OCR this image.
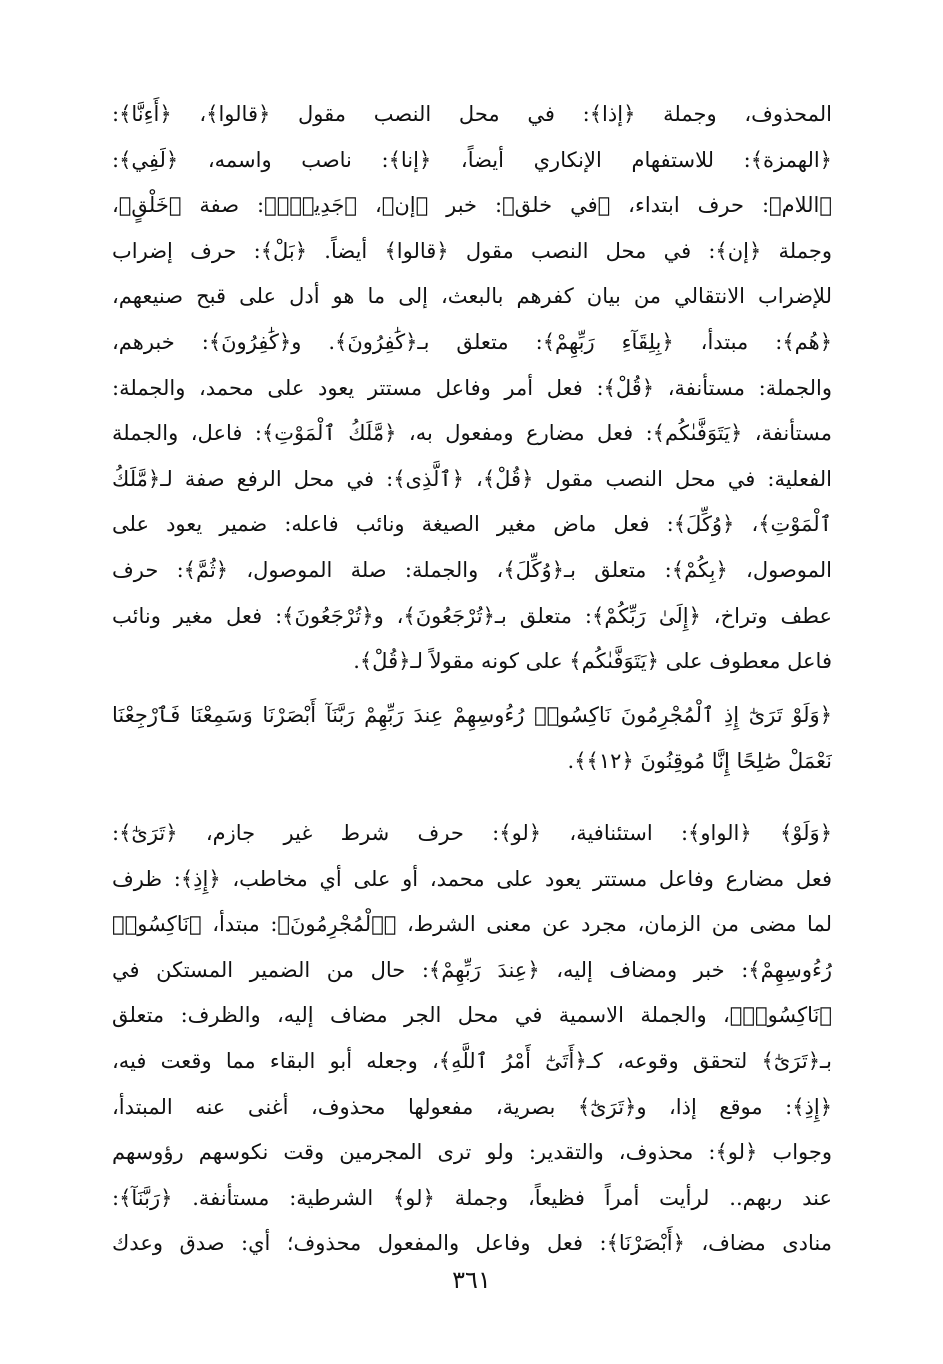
المحذوف، وجملة ﴿إذا﴾: في محل النصب مقول ﴿قالوا﴾، ﴿أَءِنَّا﴾:
﴿الهمزة﴾: للاستفهام الإنكاري أيضاً، ﴿إنا﴾: ناصب واسمه، ﴿لَفِي﴾:
﴿اللام﴾: حرف ابتداء، ﴿في خلق﴾: خبر ﴿إن﴾، ﴿جَدِيدٍۭ﴾: صفة ﴿خَلْقٍ﴾،
وجملة ﴿إن﴾: في محل النصب مقول ﴿قالوا﴾ أيضاً. ﴿بَلْ﴾: حرف إضراب
للإضراب الانتقالي من بيان كفرهم بالبعث، إلى ما هو أدل على قبح صنيعهم،
﴿هُم﴾: مبتدأ، ﴿بِلِقَآءِ رَبِّهِمْ﴾: متعلق بـ﴿كَٰفِرُونَ﴾. و﴿كَٰفِرُونَ﴾: خبرهم،
والجملة: مستأنفة، ﴿قُلْ﴾: فعل أمر وفاعل مستتر يعود على محمد، والجملة:
مستأنفة، ﴿يَتَوَفَّىٰكُم﴾: فعل مضارع ومفعول به، ﴿مَّلَكُ ٱلْمَوْتِ﴾: فاعل، والجملة
الفعلية: في محل النصب مقول ﴿قُلْ﴾، ﴿ٱلَّذِى﴾: في محل الرفع صفة لـ﴿مَّلَكُ
ٱلْمَوْتِ﴾، ﴿وُكِّلَ﴾: فعل ماض مغير الصيغة ونائب فاعله: ضمير يعود على
الموصول، ﴿بِكُمْ﴾: متعلق بـ﴿وُكِّلَ﴾، والجملة: صلة الموصول، ﴿ثُمَّ﴾: حرف
عطف وتراخ، ﴿إِلَىٰ رَبِّكُمْ﴾: متعلق بـ﴿تُرْجَعُونَ﴾، و﴿تُرْجَعُونَ﴾: فعل مغير ونائب
فاعل معطوف على ﴿يَتَوَفَّىٰكُم﴾ على كونه مقولاً لـ﴿قُلْ﴾.
﴿وَلَوْ تَرَىٰٓ إِذِ ٱلْمُجْرِمُونَ نَاكِسُوا۟ رُءُوسِهِمْ عِندَ رَبِّهِمْ رَبَّنَآ أَبْصَرْنَا وَسَمِعْنَا فَٱرْجِعْنَا
نَعْمَلْ صَٰلِحًا إِنَّا مُوقِنُونَ ﴿١٢﴾﴾.
﴿وَلَوْ﴾ ﴿الواو﴾: استئنافية، ﴿لو﴾: حرف شرط غير جازم، ﴿تَرَىٰٓ﴾:
فعل مضارع وفاعل مستتر يعود على محمد، أو على أي مخاطب، ﴿إِذِ﴾: ظرف
لما مضى من الزمان، مجرد عن معنى الشرط، ﴿ٱلْمُجْرِمُونَ﴾: مبتدأ، ﴿نَاكِسُوا۟
رُءُوسِهِمْ﴾: خبر ومضاف إليه، ﴿عِندَ رَبِّهِمْ﴾: حال من الضمير المستكن في
﴿نَاكِسُوا۟﴾، والجملة الاسمية في محل الجر مضاف إليه، والظرف: متعلق
بـ﴿تَرَىٰٓ﴾ لتحقق وقوعه، كـ﴿أَتَىٰٓ أَمْرُ ٱللَّهِ﴾، وجعله أبو البقاء مما وقعت فيه،
﴿إِذِ﴾: موقع إذا، و﴿تَرَىٰٓ﴾ بصرية، مفعولها محذوف، أغنى عنه المبتدأ،
وجواب ﴿لو﴾: محذوف، والتقدير: ولو ترى المجرمين وقت نكوسهم رؤوسهم
عند ربهم.. لرأيت أمراً فظيعاً، وجملة ﴿لو﴾ الشرطية: مستأنفة. ﴿رَبَّنَآ﴾:
منادى مضاف، ﴿أَبْصَرْنَا﴾: فعل وفاعل والمفعول محذوف؛ أي: صدق وعدك
٣٦١
